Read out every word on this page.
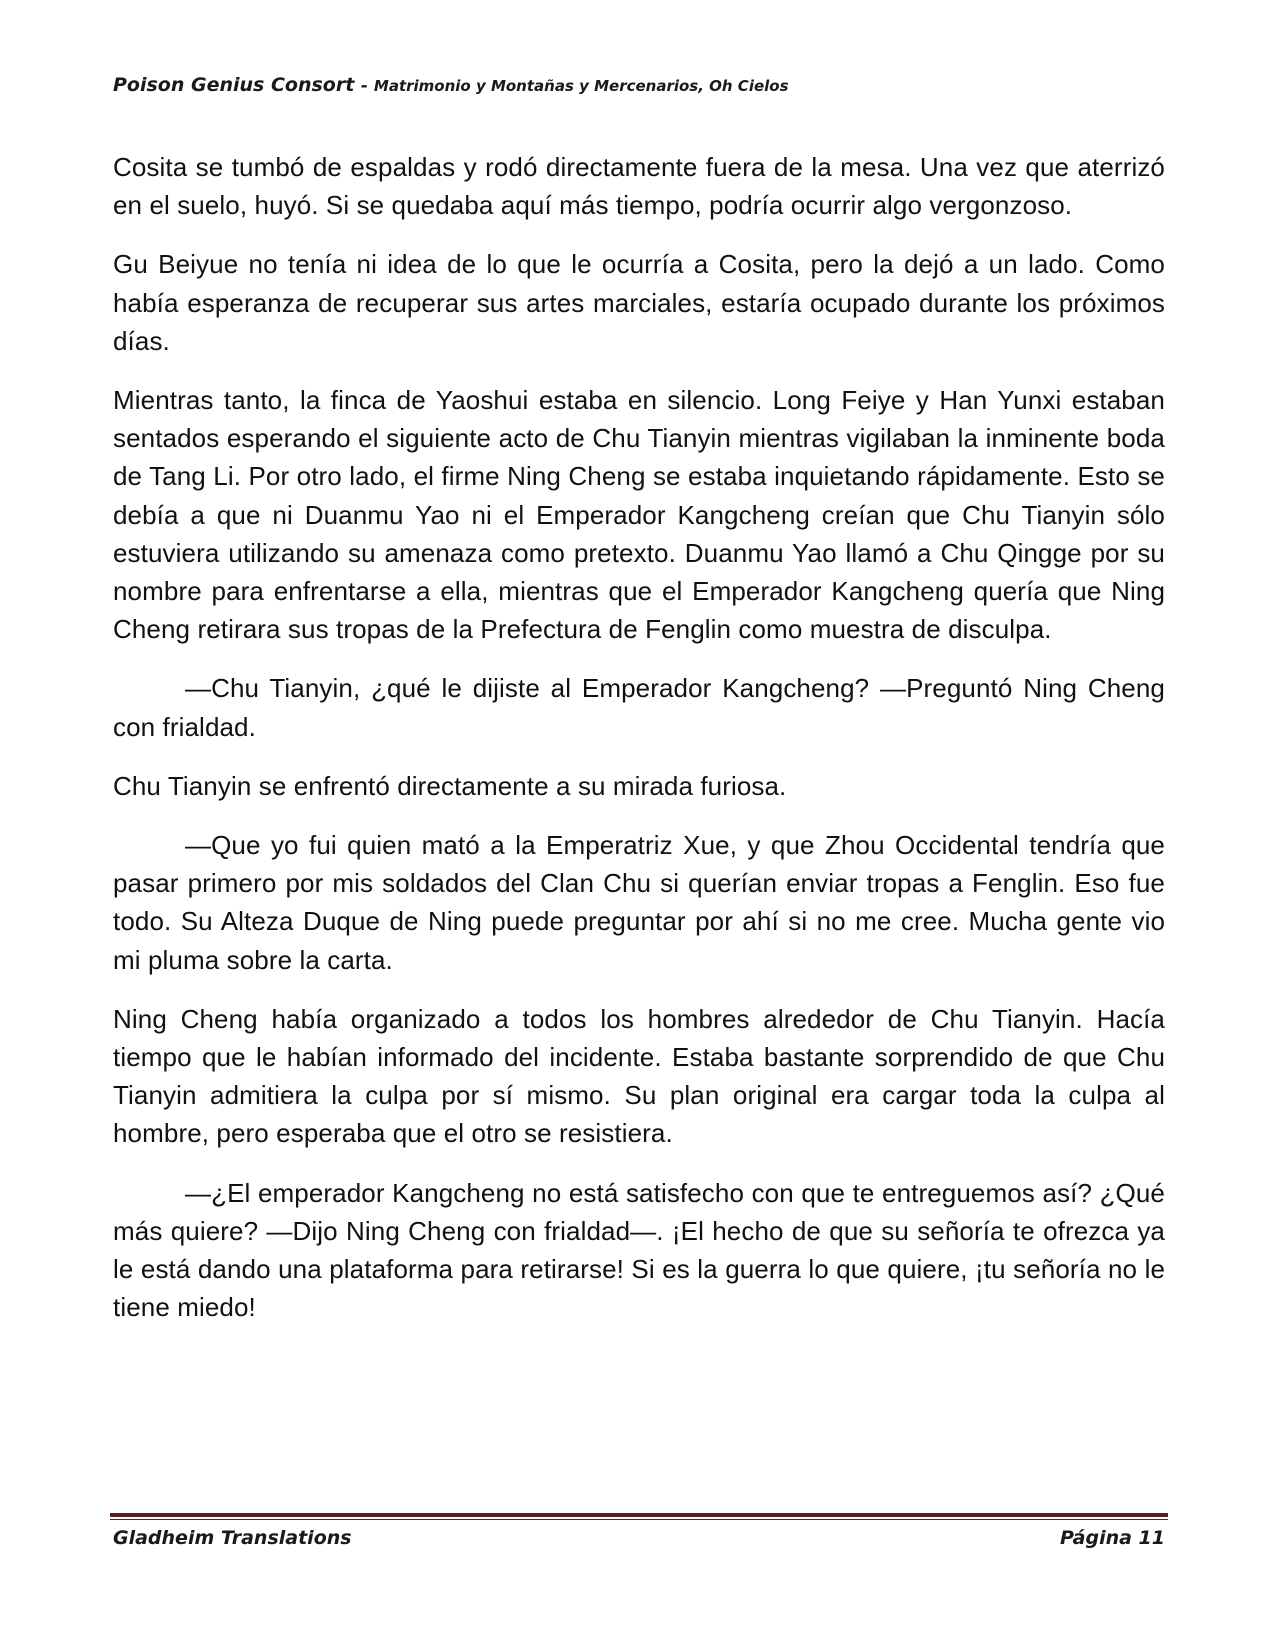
Poison Genius Consort - Matrimonio y Montañas y Mercenarios, Oh Cielos

Cosita se tumbó de espaldas y rodó directamente fuera de la mesa. Una vez que aterrizó en el suelo, huyó. Si se quedaba aquí más tiempo, podría ocurrir algo vergonzoso.

Gu Beiyue no tenía ni idea de lo que le ocurría a Cosita, pero la dejó a un lado. Como había esperanza de recuperar sus artes marciales, estaría ocupado durante los próximos días.

Mientras tanto, la finca de Yaoshui estaba en silencio. Long Feiye y Han Yunxi estaban sentados esperando el siguiente acto de Chu Tianyin mientras vigilaban la inminente boda de Tang Li. Por otro lado, el firme Ning Cheng se estaba inquietando rápidamente. Esto se debía a que ni Duanmu Yao ni el Emperador Kangcheng creían que Chu Tianyin sólo estuviera utilizando su amenaza como pretexto. Duanmu Yao llamó a Chu Qingge por su nombre para enfrentarse a ella, mientras que el Emperador Kangcheng quería que Ning Cheng retirara sus tropas de la Prefectura de Fenglin como muestra de disculpa.

—Chu Tianyin, ¿qué le dijiste al Emperador Kangcheng? —Preguntó Ning Cheng con frialdad.

Chu Tianyin se enfrentó directamente a su mirada furiosa.

—Que yo fui quien mató a la Emperatriz Xue, y que Zhou Occidental tendría que pasar primero por mis soldados del Clan Chu si querían enviar tropas a Fenglin. Eso fue todo. Su Alteza Duque de Ning puede preguntar por ahí si no me cree. Mucha gente vio mi pluma sobre la carta.

Ning Cheng había organizado a todos los hombres alrededor de Chu Tianyin. Hacía tiempo que le habían informado del incidente. Estaba bastante sorprendido de que Chu Tianyin admitiera la culpa por sí mismo. Su plan original era cargar toda la culpa al hombre, pero esperaba que el otro se resistiera.

—¿El emperador Kangcheng no está satisfecho con que te entreguemos así? ¿Qué más quiere? —Dijo Ning Cheng con frialdad—. ¡El hecho de que su señoría te ofrezca ya le está dando una plataforma para retirarse! Si es la guerra lo que quiere, ¡tu señoría no le tiene miedo!

Gladheim Translations	Página 11
